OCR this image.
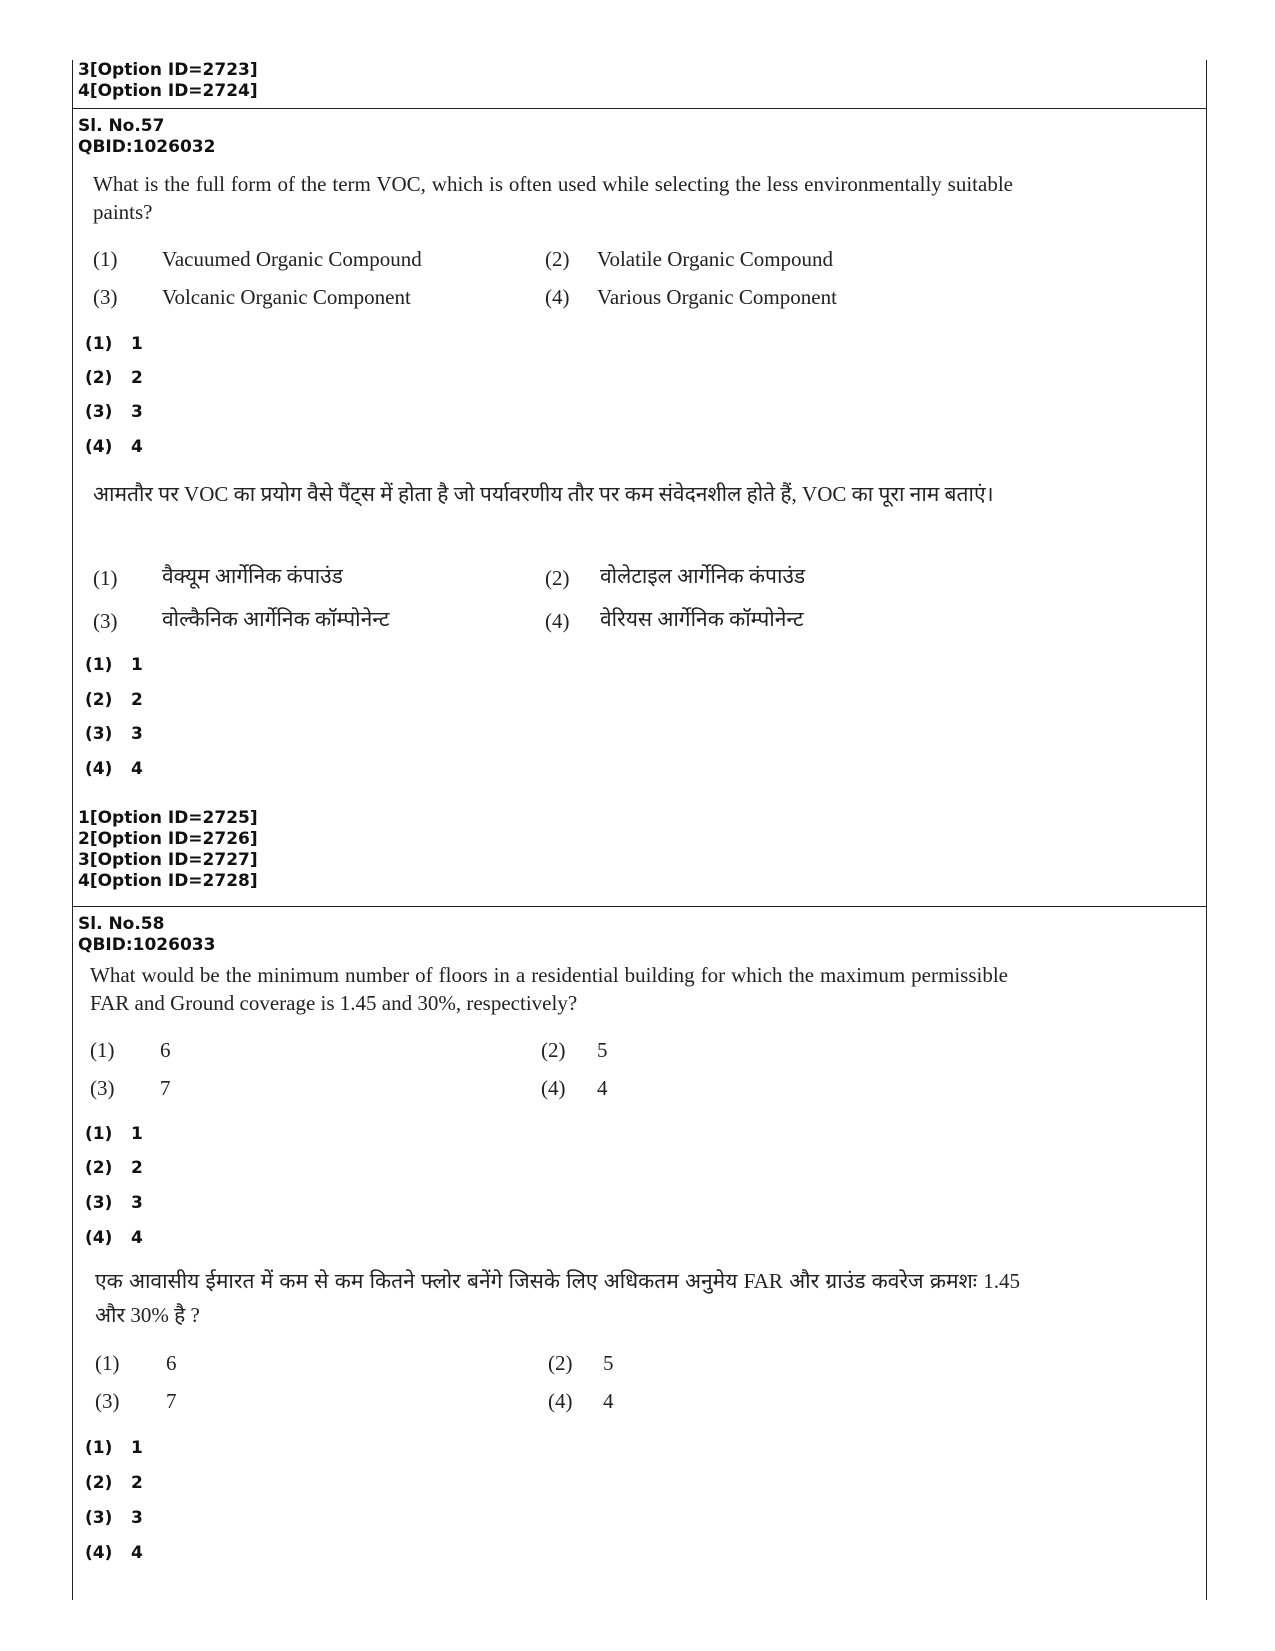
3[Option ID=2723]
4[Option ID=2724]
Sl. No.57
QBID:1026032
What is the full form of the term VOC, which is often used while selecting the less environmentally suitable paints?
(1) Vacuumed Organic Compound	(2) Volatile Organic Compound
(3) Volcanic Organic Component	(4) Various Organic Component
(1) 1
(2) 2
(3) 3
(4) 4
आमतौर पर VOC का प्रयोग वैसे पैंट्स में होता है जो पर्यावरणीय तौर पर कम संवेदनशील होते हैं, VOC का पूरा नाम बताएं।
(1) वैक्यूम आर्गेनिक कंपाउंड	(2) वोलेटाइल आर्गेनिक कंपाउंड
(3) वोल्कैनिक आर्गेनिक कॉम्पोनेन्ट	(4) वेरियस आर्गेनिक कॉम्पोनेन्ट
(1) 1
(2) 2
(3) 3
(4) 4
1[Option ID=2725]
2[Option ID=2726]
3[Option ID=2727]
4[Option ID=2728]
Sl. No.58
QBID:1026033
What would be the minimum number of floors in a residential building for which the maximum permissible FAR and Ground coverage is 1.45 and 30%, respectively?
(1) 6	(2) 5
(3) 7	(4) 4
(1) 1
(2) 2
(3) 3
(4) 4
एक आवासीय ईमारत में कम से कम कितने फ्लोर बनेंगे जिसके लिए अधिकतम अनुमेय FAR और ग्राउंड कवरेज क्रमशः 1.45 और 30% है ?
(1) 6	(2) 5
(3) 7	(4) 4
(1) 1
(2) 2
(3) 3
(4) 4
